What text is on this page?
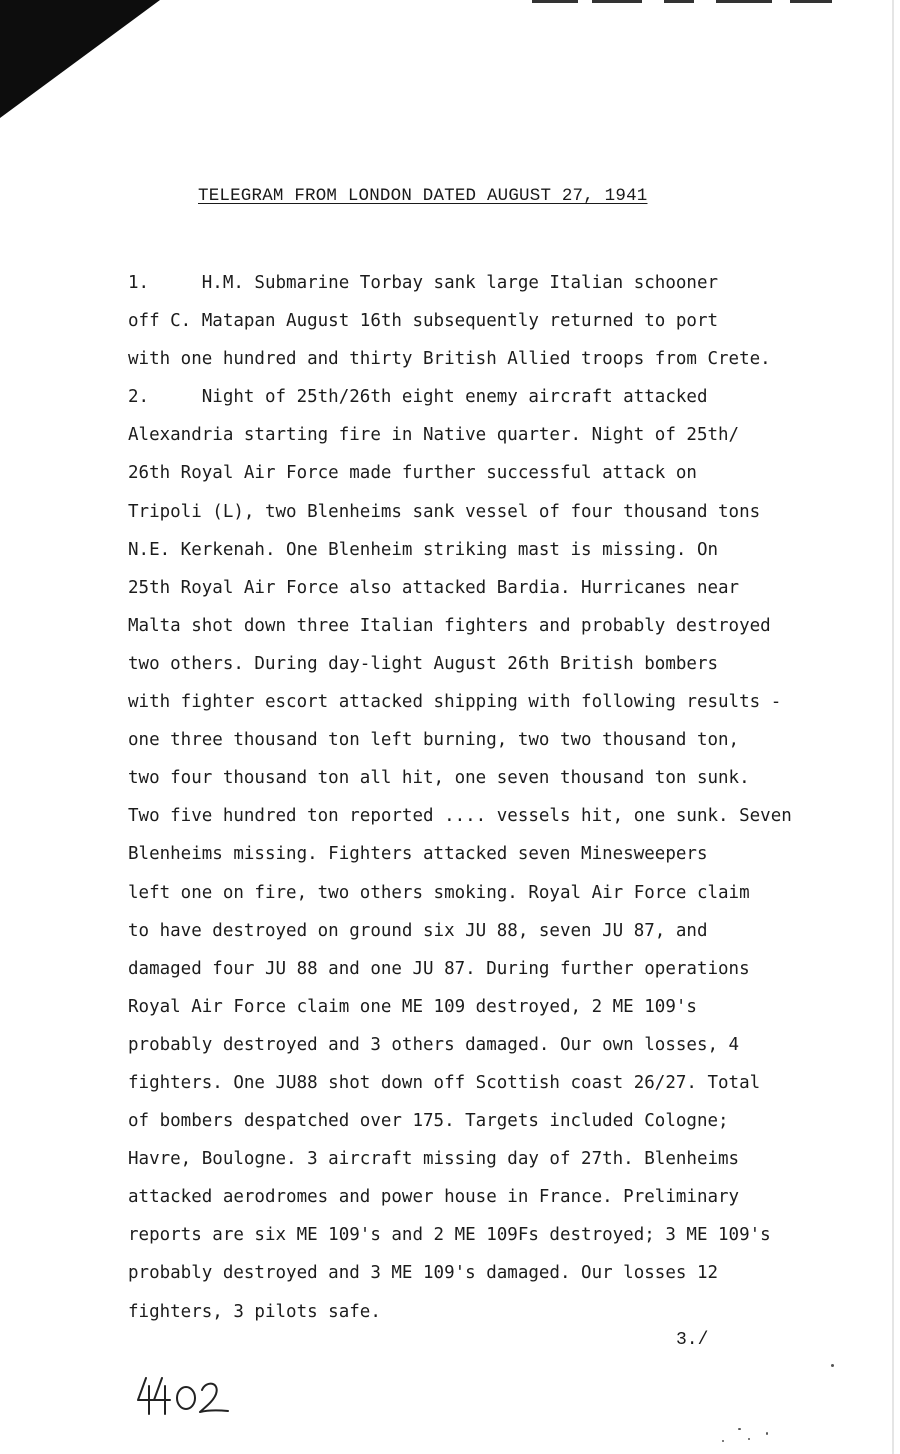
TELEGRAM FROM LONDON DATED AUGUST 27, 1941
1.     H.M. Submarine Torbay sank large Italian schooner
off C. Matapan August 16th subsequently returned to port
with one hundred and thirty British Allied troops from Crete.
2.     Night of 25th/26th eight enemy aircraft attacked
Alexandria starting fire in Native quarter. Night of 25th/
26th Royal Air Force made further successful attack on
Tripoli (L), two Blenheims sank vessel of four thousand tons
N.E. Kerkenah. One Blenheim striking mast is missing. On
25th Royal Air Force also attacked Bardia. Hurricanes near
Malta shot down three Italian fighters and probably destroyed
two others. During day-light August 26th British bombers
with fighter escort attacked shipping with following results -
one three thousand ton left burning, two two thousand ton,
two four thousand ton all hit, one seven thousand ton sunk.
Two five hundred ton reported .... vessels hit, one sunk. Seven
Blenheims missing. Fighters attacked seven Minesweepers
left one on fire, two others smoking. Royal Air Force claim
to have destroyed on ground six JU 88, seven JU 87, and
damaged four JU 88 and one JU 87. During further operations
Royal Air Force claim one ME 109 destroyed, 2 ME 109's
probably destroyed and 3 others damaged. Our own losses, 4
fighters. One JU88 shot down off Scottish coast 26/27. Total
of bombers despatched over 175. Targets included Cologne;
Havre, Boulogne. 3 aircraft missing day of 27th. Blenheims
attacked aerodromes and power house in France. Preliminary
reports are six ME 109's and 2 ME 109Fs destroyed; 3 ME 109's
probably destroyed and 3 ME 109's damaged. Our losses 12
fighters, 3 pilots safe.
3./
